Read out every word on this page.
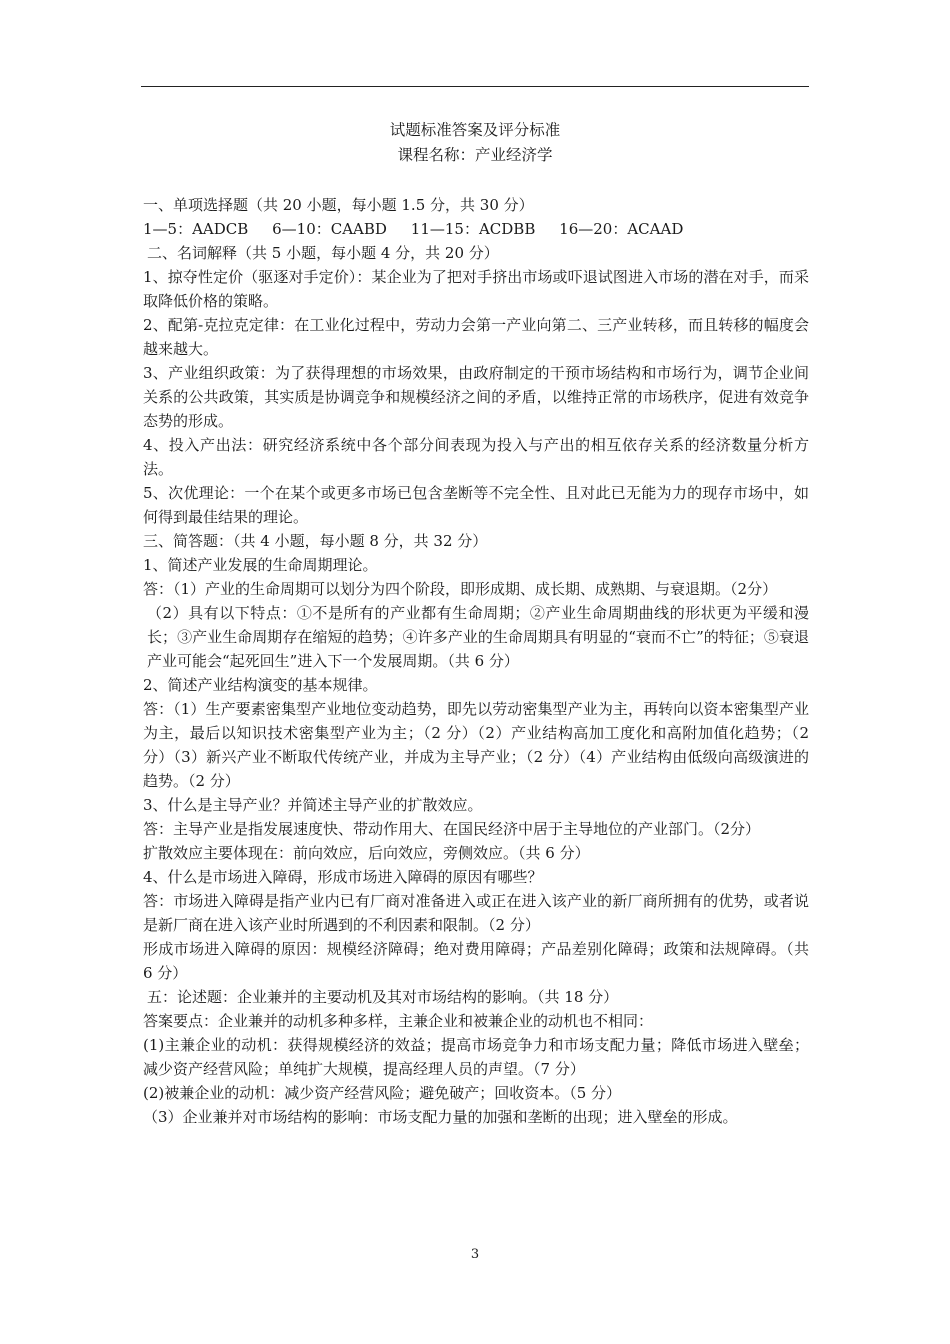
试题标准答案及评分标准
课程名称：产业经济学

一、单项选择题（共 20 小题，每小题 1.5 分，共 30 分）

1—5：AADCB     6—10：CAABD     11—15：ACDBB     16—20：ACAAD

二、名词解释（共 5 小题，每小题 4 分，共 20 分）

1、掠夺性定价（驱逐对手定价）：某企业为了把对手挤出市场或吓退试图进入市场的潜在对手，而采取降低价格的策略。

2、配第-克拉克定律：在工业化过程中，劳动力会第一产业向第二、三产业转移，而且转移的幅度会越来越大。

3、产业组织政策：为了获得理想的市场效果，由政府制定的干预市场结构和市场行为，调节企业间关系的公共政策，其实质是协调竞争和规模经济之间的矛盾，以维持正常的市场秩序，促进有效竞争态势的形成。

4、投入产出法：研究经济系统中各个部分间表现为投入与产出的相互依存关系的经济数量分析方法。

5、次优理论：一个在某个或更多市场已包含垄断等不完全性、且对此已无能为力的现存市场中，如何得到最佳结果的理论。

三、简答题：（共 4 小题，每小题 8 分，共 32 分）

1、简述产业发展的生命周期理论。

答：（1）产业的生命周期可以划分为四个阶段，即形成期、成长期、成熟期、与衰退期。（2分）

（2）具有以下特点：①不是所有的产业都有生命周期；②产业生命周期曲线的形状更为平缓和漫长；③产业生命周期存在缩短的趋势；④许多产业的生命周期具有明显的“衰而不亡”的特征；⑤衰退产业可能会“起死回生”进入下一个发展周期。（共 6 分）

2、简述产业结构演变的基本规律。

答：（1）生产要素密集型产业地位变动趋势，即先以劳动密集型产业为主，再转向以资本密集型产业为主，最后以知识技术密集型产业为主；（2 分）（2）产业结构高加工度化和高附加值化趋势；（2 分）（3）新兴产业不断取代传统产业，并成为主导产业；（2 分）（4）产业结构由低级向高级演进的趋势。（2 分）

3、什么是主导产业？并简述主导产业的扩散效应。

答：主导产业是指发展速度快、带动作用大、在国民经济中居于主导地位的产业部门。（2分）

扩散效应主要体现在：前向效应，后向效应，旁侧效应。（共 6 分）

4、什么是市场进入障碍，形成市场进入障碍的原因有哪些？

答：市场进入障碍是指产业内已有厂商对准备进入或正在进入该产业的新厂商所拥有的优势，或者说是新厂商在进入该产业时所遇到的不利因素和限制。（2 分）

形成市场进入障碍的原因：规模经济障碍；绝对费用障碍；产品差别化障碍；政策和法规障碍。（共 6 分）

五：论述题：企业兼并的主要动机及其对市场结构的影响。（共 18 分）

答案要点：企业兼并的动机多种多样，主兼企业和被兼企业的动机也不相同：

(1)主兼企业的动机：获得规模经济的效益；提高市场竞争力和市场支配力量；降低市场进入壁垒；减少资产经营风险；单纯扩大规模，提高经理人员的声望。（7 分）

(2)被兼企业的动机：减少资产经营风险；避免破产；回收资本。（5 分）

（3）企业兼并对市场结构的影响：市场支配力量的加强和垄断的出现；进入壁垒的形成。

3
